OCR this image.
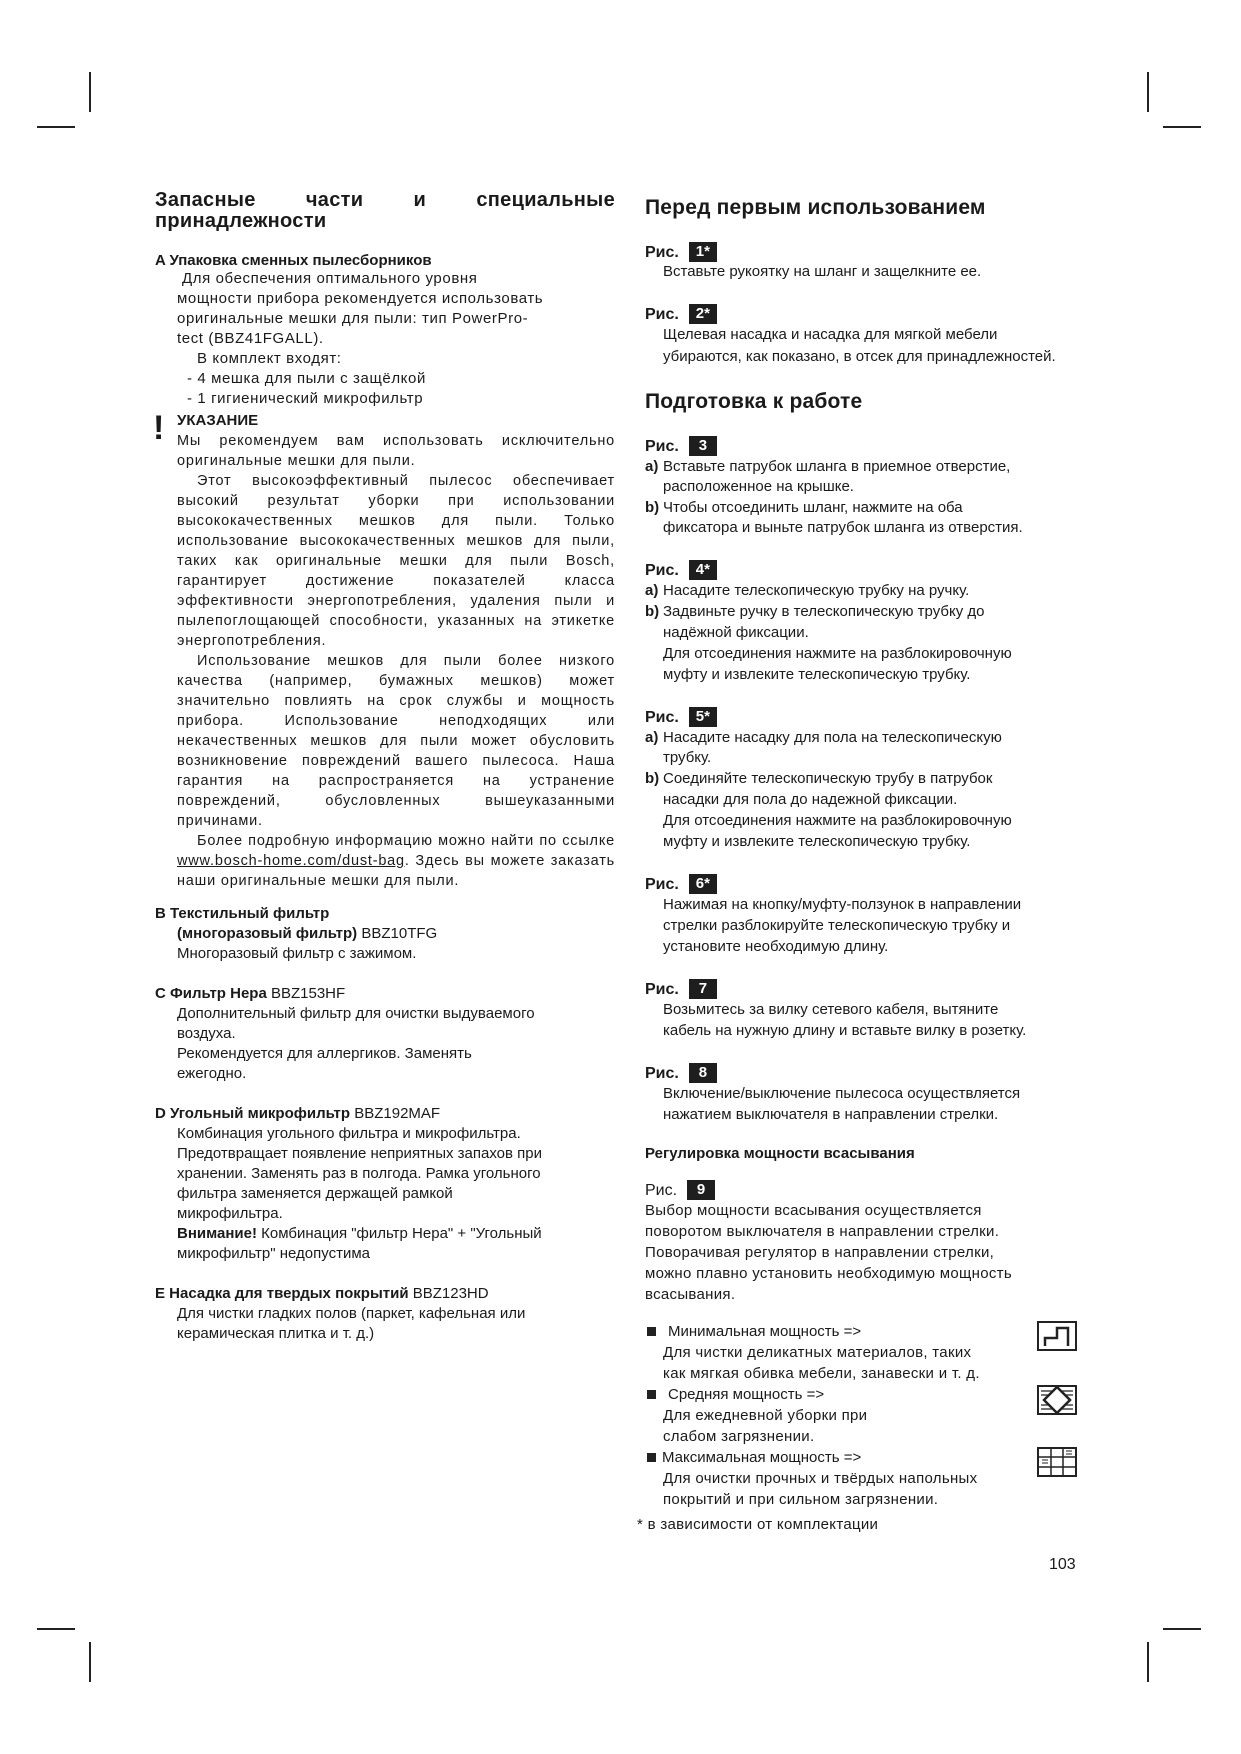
Запасные части и специальные
принадлежности
A Упаковка сменных пылесборников
Для обеспечения оптимального уровня
мощности прибора рекомендуется использовать
оригинальные мешки для пыли: тип PowerPro-
tect (BBZ41FGALL).
В комплект входят:
- 4 мешка для пыли с защёлкой
- 1 гигиенический микрофильтр
! УКАЗАНИЕ
Мы рекомендуем вам использовать исключительно оригинальные мешки для пыли.
Этот высокоэффективный пылесос обеспечивает высокий результат уборки при использовании высококачественных мешков для пыли. Только использование высококачественных мешков для пыли, таких как оригинальные мешки для пыли Bosch, гарантирует достижение показателей класса эффективности энергопотребления, удаления пыли и пылепоглощающей способности, указанных на этикетке энергопотребления.
Использование мешков для пыли более низкого качества (например, бумажных мешков) может значительно повлиять на срок службы и мощность прибора. Использование неподходящих или некачественных мешков для пыли может обусловить возникновение повреждений вашего пылесоса. Наша гарантия на распространяется на устранение повреждений, обусловленных вышеуказанными причинами.
Более подробную информацию можно найти по ссылке www.bosch-home.com/dust-bag. Здесь вы можете заказать наши оригинальные мешки для пыли.
B Текстильный фильтр
(многоразовый фильтр) BBZ10TFG
Многоразовый фильтр с зажимом.
C Фильтр Hepa BBZ153HF
Дополнительный фильтр для очистки выдуваемого
воздуха.
Рекомендуется для аллергиков. Заменять
ежегодно.
D Угольный микрофильтр BBZ192MAF
Комбинация угольного фильтра и микрофильтра.
Предотвращает появление неприятных запахов при
хранении. Заменять раз в полгода. Рамка угольного
фильтра заменяется держащей рамкой
микрофильтра.
Внимание! Комбинация "фильтр Hepa" + "Угольный
микрофильтр" недопустима
E Насадка для твердых покрытий BBZ123HD
Для чистки гладких полов (паркет, кафельная или
керамическая плитка и т. д.)
Перед первым использованием
Рис.	1*
Вставьте рукоятку на шланг и защелкните ее.
Рис.	2*
Щелевая насадка и насадка для мягкой мебели
убираются, как показано, в отсек для принадлежностей.
Подготовка к работе
Рис.	3
a) Вставьте патрубок шланга в приемное отверстие,
расположенное на крышке.
b) Чтобы отсоединить шланг, нажмите на оба
фиксатора и выньте патрубок шланга из отверстия.
Рис.	4*
a) Насадите телескопическую трубку на ручку.
b) Задвиньте ручку в телескопическую трубку до
надёжной фиксации.
Для отсоединения нажмите на разблокировочную
муфту и извлеките телескопическую трубку.
Рис.	5*
a) Насадите насадку для пола на телескопическую
трубку.
b) Соединяйте телескопическую трубу в патрубок
насадки для пола до надежной фиксации.
Для отсоединения нажмите на разблокировочную
муфту и извлеките телескопическую трубку.
Рис.	6*
Нажимая на кнопку/муфту-ползунок в направлении
стрелки разблокируйте телескопическую трубку и
установите необходимую длину.
Рис.	7
Возьмитесь за вилку сетевого кабеля, вытяните
кабель на нужную длину и вставьте вилку в розетку.
Рис.	8
Включение/выключение пылесоса осуществляется
нажатием выключателя в направлении стрелки.
Регулировка мощности всасывания
Рис.	9
Выбор мощности всасывания осуществляется
поворотом выключателя в направлении стрелки.
Поворачивая регулятор в направлении стрелки,
можно плавно установить необходимую мощность
всасывания.
Минимальная мощность =>
Для чистки деликатных материалов, таких
как мягкая обивка мебели, занавески и т. д.
Средняя мощность =>
Для ежедневной уборки при
слабом загрязнении.
Максимальная мощность =>
Для очистки прочных и твёрдых напольных
покрытий и при сильном загрязнении.
* в зависимости от комплектации
103
